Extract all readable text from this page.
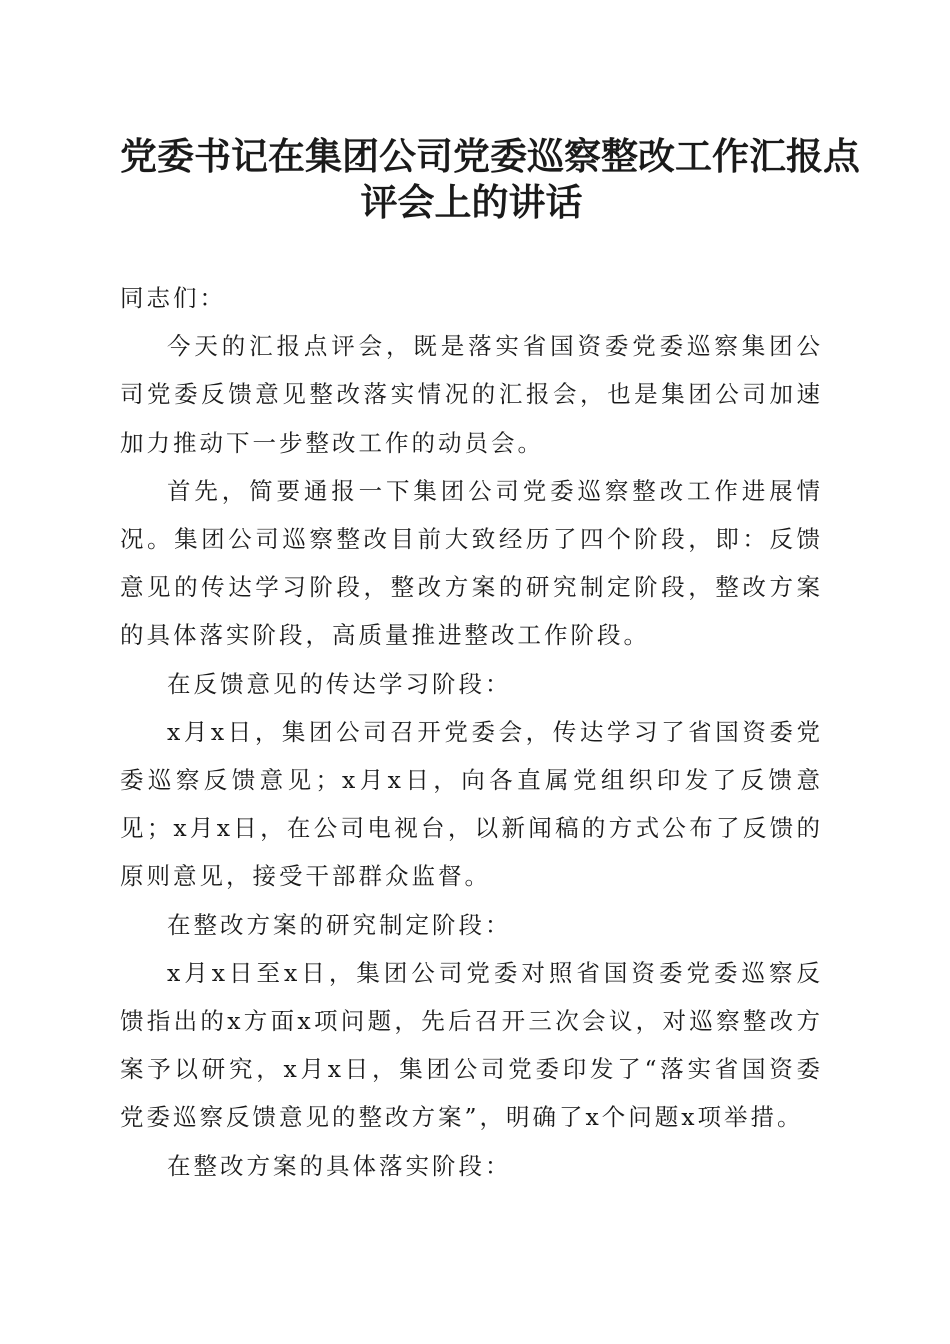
党委书记在集团公司党委巡察整改工作汇报点
评会上的讲话

同志们：

今天的汇报点评会，既是落实省国资委党委巡察集团公司党委反馈意见整改落实情况的汇报会，也是集团公司加速加力推动下一步整改工作的动员会。

首先，简要通报一下集团公司党委巡察整改工作进展情况。集团公司巡察整改目前大致经历了四个阶段，即：反馈意见的传达学习阶段，整改方案的研究制定阶段，整改方案的具体落实阶段，高质量推进整改工作阶段。

在反馈意见的传达学习阶段：

x月x日，集团公司召开党委会，传达学习了省国资委党委巡察反馈意见；x月x日，向各直属党组织印发了反馈意见；x月x日，在公司电视台，以新闻稿的方式公布了反馈的原则意见，接受干部群众监督。

在整改方案的研究制定阶段：

x月x日至x日，集团公司党委对照省国资委党委巡察反馈指出的x方面x项问题，先后召开三次会议，对巡察整改方案予以研究，x月x日，集团公司党委印发了“落实省国资委党委巡察反馈意见的整改方案”，明确了x个问题x项举措。

在整改方案的具体落实阶段：
